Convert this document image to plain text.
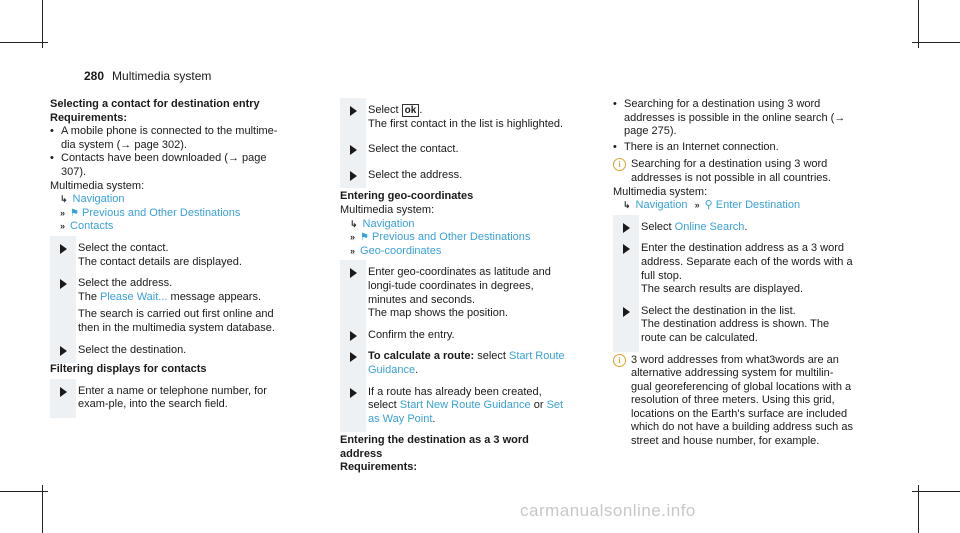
280 Multimedia system
Selecting a contact for destination entry
Requirements:
• A mobile phone is connected to the multime-dia system (→ page 302).
• Contacts have been downloaded (→ page 307).
Multimedia system:
↳ Navigation
» ⚑ Previous and Other Destinations
» Contacts
Select the contact.
The contact details are displayed.
Select the address.
The Please Wait... message appears.
The search is carried out first online and then in the multimedia system database.
Select the destination.
Filtering displays for contacts
Enter a name or telephone number, for exam-ple, into the search field.
Select ok .
The first contact in the list is highlighted.
Select the contact.
Select the address.
Entering geo-coordinates
Multimedia system:
↳ Navigation
» ⚑ Previous and Other Destinations
» Geo-coordinates
Enter geo-coordinates as latitude and longi-tude coordinates in degrees, minutes and seconds.
The map shows the position.
Confirm the entry.
To calculate a route: select Start Route Guidance.
If a route has already been created, select Start New Route Guidance or Set as Way Point.
Entering the destination as a 3 word address
Requirements:
• Searching for a destination using 3 word addresses is possible in the online search (→ page 275).
• There is an Internet connection.
i Searching for a destination using 3 word addresses is not possible in all countries.
Multimedia system:
↳ Navigation » ⚲ Enter Destination
Select Online Search.
Enter the destination address as a 3 word address. Separate each of the words with a full stop.
The search results are displayed.
Select the destination in the list.
The destination address is shown. The route can be calculated.
i 3 word addresses from what3words are an alternative addressing system for multilin-gual georeferencing of global locations with a resolution of three meters. Using this grid, locations on the Earth's surface are included which do not have a building address such as street and house number, for example.
carmanualsonline.info
